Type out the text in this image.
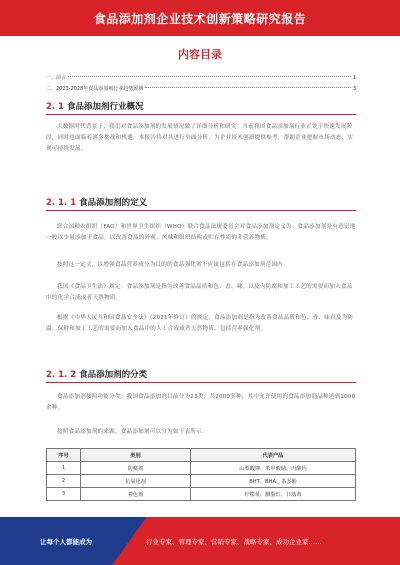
食品添加剂企业技术创新策略研究报告
内容目录
一、前言	1
二、2023-2028年食品添加剂行业趋势预测	3
2. 1 食品添加剂行业概况
大数据时代背景下，我们对食品添加剂的发展情况做了详细分析和研究。当前我国食品添加剂行业正处于快速发展阶段，同时也面临着诸多挑战和机遇，本报告将对其进行全面分析，为企业技术创新提供参考，帮助企业把握市场动态，实现可持续发展。
2. 1. 1 食品添加剂的定义
联合国粮农组织（FAO）和世界卫生组织（WHO）联合食品法规委员会对食品添加剂定义为：食品添加剂是有意识地一般以少量添加于食品，以改善食品的外观、风味和组织结构或贮存性质的非营养物质。
按照这一定义，以增强食品营养成分为目的的食品强化剂不应该包括在食品添加剂范围内。
我国《食品卫生法》规定：食品添加剂是指为改善食品品质和色、香、味，以及为防腐和加工工艺的需要而加入食品中的化学合成或者天然物质。
根据《中华人民共和国食品安全法》（2021年修订）的规定，食品添加剂是指为改善食品品质和色、香、味以及为防腐、保鲜和加工工艺的需要而加入食品中的人工合成或者天然物质，包括营养强化剂。
2. 1. 2 食品添加剂的分类
食品添加剂按照功能分类，我国食品添加剂目前分为23类，共2000多种，其中允许使用的食品添加剂品种达到1000余种。
按照食品添加剂的来源，食品添加剂可以分为如下表所示：
序号	类别	代表产品
1	防腐剂	山梨酸钾、苯甲酸钠、丙酸钙
2	抗氧化剂	BHT、BHA、茶多酚
3	着色剂	柠檬黄、胭脂红、日落黄
让每个人都能成为	行业专家、管理专家、营销专家、战略专家、成功企业家……
